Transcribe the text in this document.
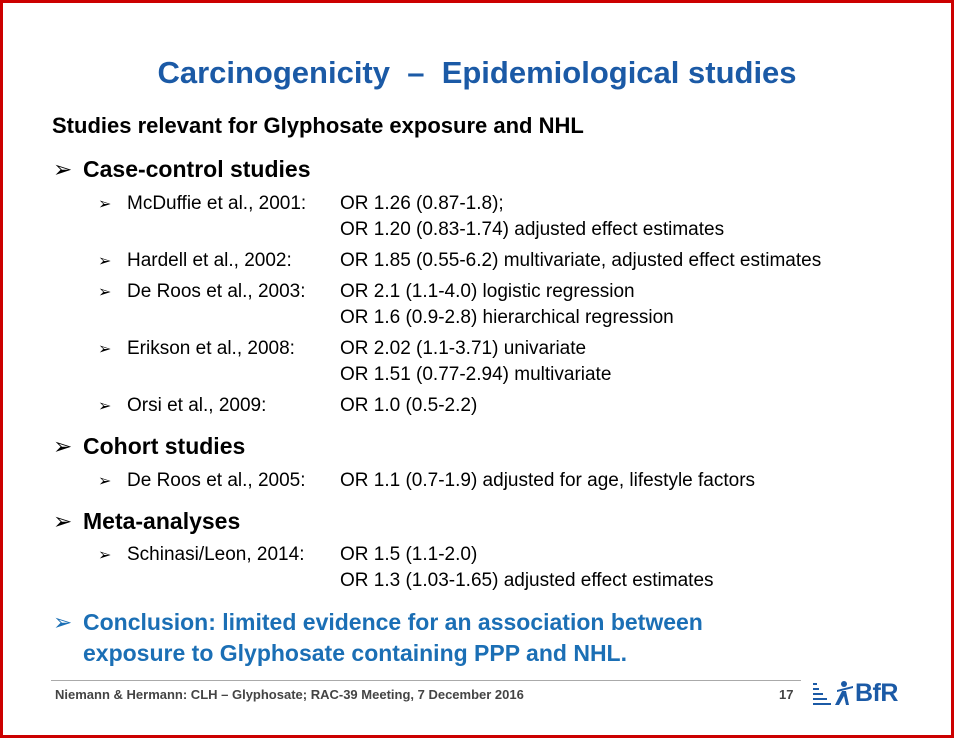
Carcinogenicity  –  Epidemiological studies
Studies relevant for Glyphosate exposure and NHL
➢ Case-control studies
➢ McDuffie et al., 2001: OR 1.26 (0.87-1.8);
OR 1.20 (0.83-1.74) adjusted effect estimates
➢ Hardell et al., 2002:	OR 1.85 (0.55-6.2) multivariate, adjusted effect estimates
➢ De Roos et al., 2003: OR 2.1 (1.1-4.0) logistic regression
OR 1.6 (0.9-2.8) hierarchical regression
➢ Erikson et al., 2008: OR 2.02 (1.1-3.71) univariate
OR 1.51 (0.77-2.94) multivariate
➢ Orsi et al., 2009:	OR 1.0 (0.5-2.2)
➢ Cohort studies
➢ De Roos et al., 2005: OR 1.1 (0.7-1.9) adjusted for age, lifestyle factors
➢ Meta-analyses
➢ Schinasi/Leon, 2014: OR 1.5 (1.1-2.0)
OR 1.3 (1.03-1.65) adjusted effect estimates
➢ Conclusion: limited evidence for an association between
exposure to Glyphosate containing PPP and NHL.
Niemann & Hermann: CLH – Glyphosate; RAC-39 Meeting, 7 December 2016	17 BfR
